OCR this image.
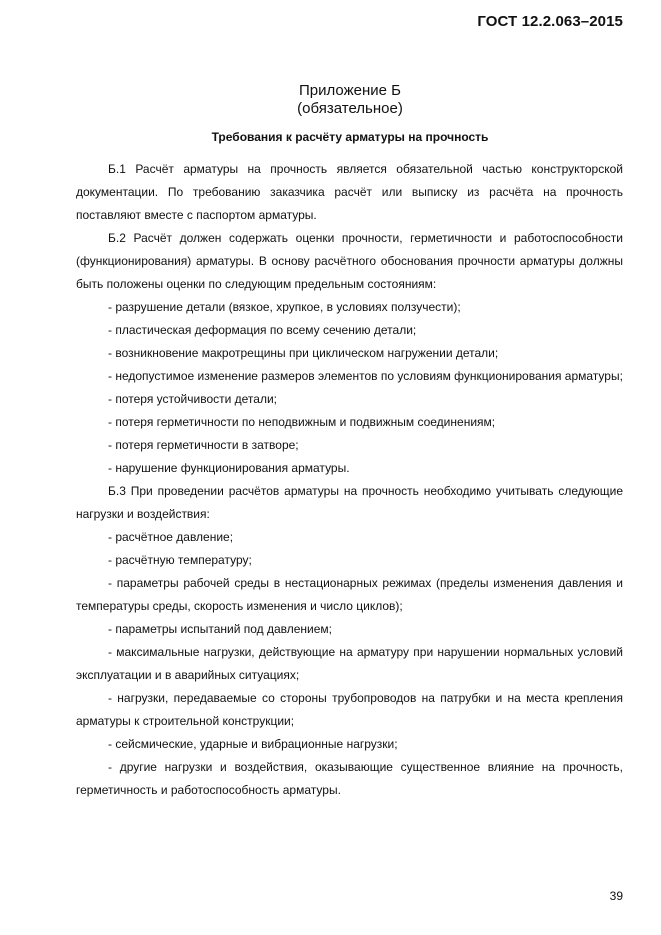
ГОСТ 12.2.063–2015
Приложение Б
(обязательное)
Требования к расчёту арматуры на прочность

Б.1 Расчёт арматуры на прочность является обязательной частью конструкторской документации. По требованию заказчика расчёт или выписку из расчёта на прочность поставляют вместе с паспортом арматуры.

Б.2 Расчёт должен содержать оценки прочности, герметичности и работоспособности (функционирования) арматуры. В основу расчётного обоснования прочности арматуры должны быть положены оценки по следующим предельным состояниям:

- разрушение детали (вязкое, хрупкое, в условиях ползучести);

- пластическая деформация по всему сечению детали;

- возникновение макротрещины при циклическом нагружении детали;

- недопустимое изменение размеров элементов по условиям функционирования арматуры;

- потеря устойчивости детали;

- потеря герметичности по неподвижным и подвижным соединениям;

- потеря герметичности в затворе;

- нарушение функционирования арматуры.

Б.3 При проведении расчётов арматуры на прочность необходимо учитывать следующие нагрузки и воздействия:

- расчётное давление;

- расчётную температуру;

- параметры рабочей среды в нестационарных режимах (пределы изменения давления и температуры среды, скорость изменения и число циклов);

- параметры испытаний под давлением;

- максимальные нагрузки, действующие на арматуру при нарушении нормальных условий эксплуатации и в аварийных ситуациях;

- нагрузки, передаваемые со стороны трубопроводов на патрубки и на места крепления арматуры к строительной конструкции;

- сейсмические, ударные и вибрационные нагрузки;

- другие нагрузки и воздействия, оказывающие существенное влияние на прочность, герметичность и работоспособность арматуры.

39
